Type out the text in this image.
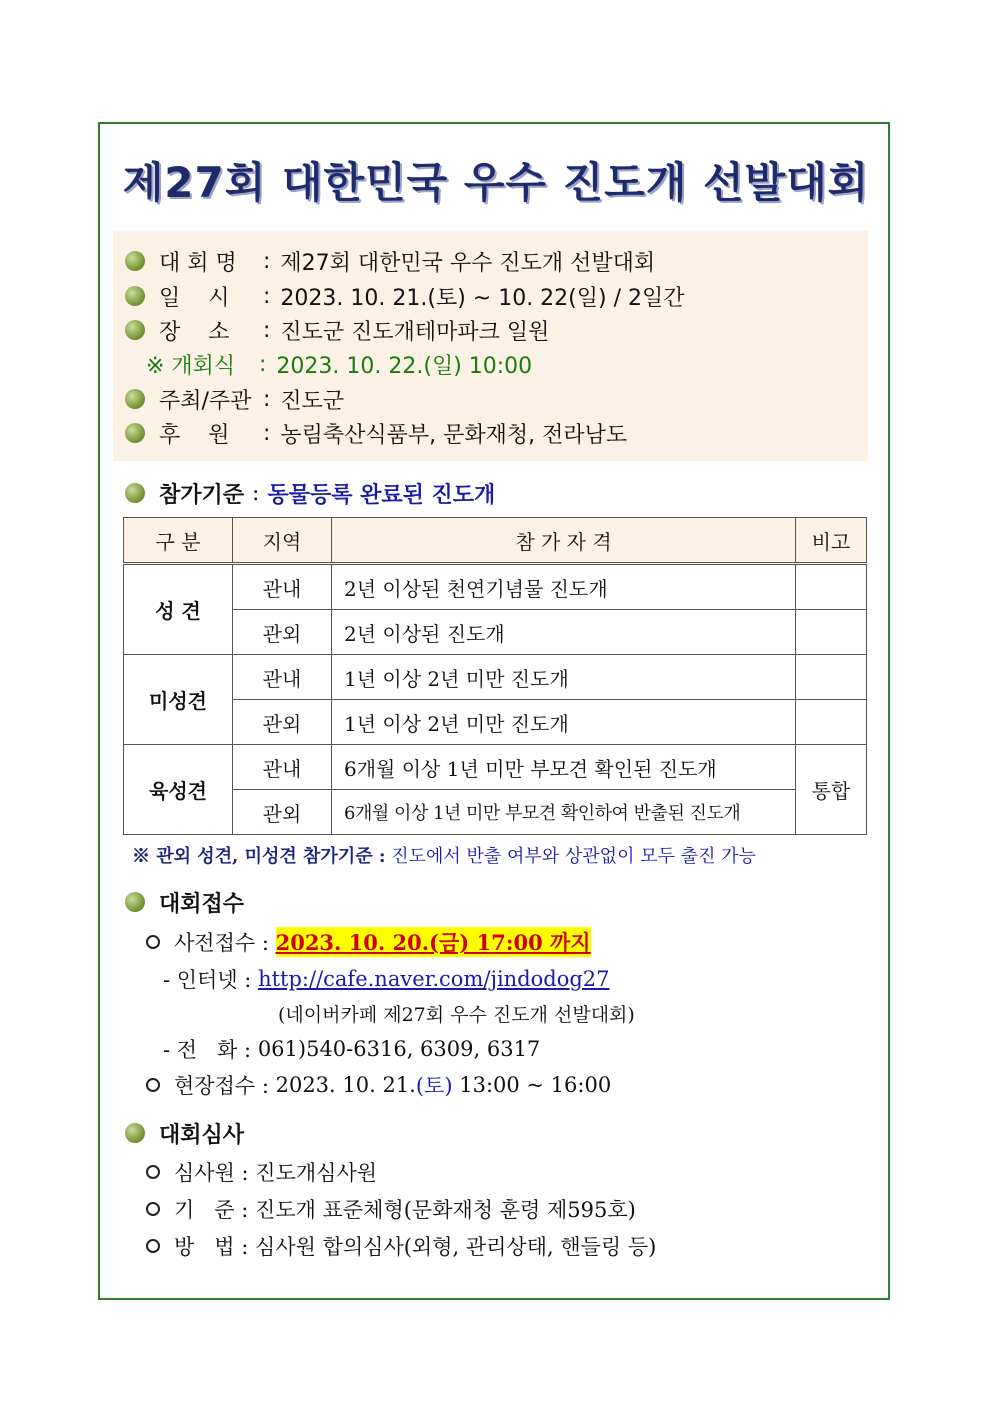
제27회 대한민국 우수 진도개 선발대회
대 회 명	: 제27회 대한민국 우수 진도개 선발대회
일    시	: 2023. 10. 21.(토) ~ 10. 22(일) / 2일간
장    소	: 진도군 진도개테마파크 일원
※ 개회식	: 2023. 10. 22.(일) 10:00
주최/주관 : 진도군
후    원	: 농림축산식품부, 문화재청, 전라남도
참가기준 : 동물등록 완료된 진도개
구 분	지역	참 가 자 격	비고
성 견	관내	2년 이상된 천연기념물 진도개	
	관외	2년 이상된 진도개	
미성견	관내	1년 이상 2년 미만 진도개	
	관외	1년 이상 2년 미만 진도개	
육성견	관내	6개월 이상 1년 미만 부모견 확인된 진도개	통합
	관외	6개월 이상 1년 미만 부모견 확인하여 반출된 진도개	
※ 관외 성견, 미성견 참가기준 : 진도에서 반출 여부와 상관없이 모두 출진 가능
대회접수
사전접수 :
2023. 10. 20.(금) 17:00 까지
- 인터넷 :
http://cafe.naver.com/jindodog27
(네이버카페 제27회 우수 진도개 선발대회)
- 전   화 :
061)540-6316, 6309, 6317
현장접수 :
2023. 10. 21. (토)
13:00 ~ 16:00
대회심사
심사원 :
진도개심사원
기   준 :
진도개 표준체형(문화재청 훈령 제595호)
방   법 :
심사원 합의심사(외형, 관리상태, 핸들링 등)
